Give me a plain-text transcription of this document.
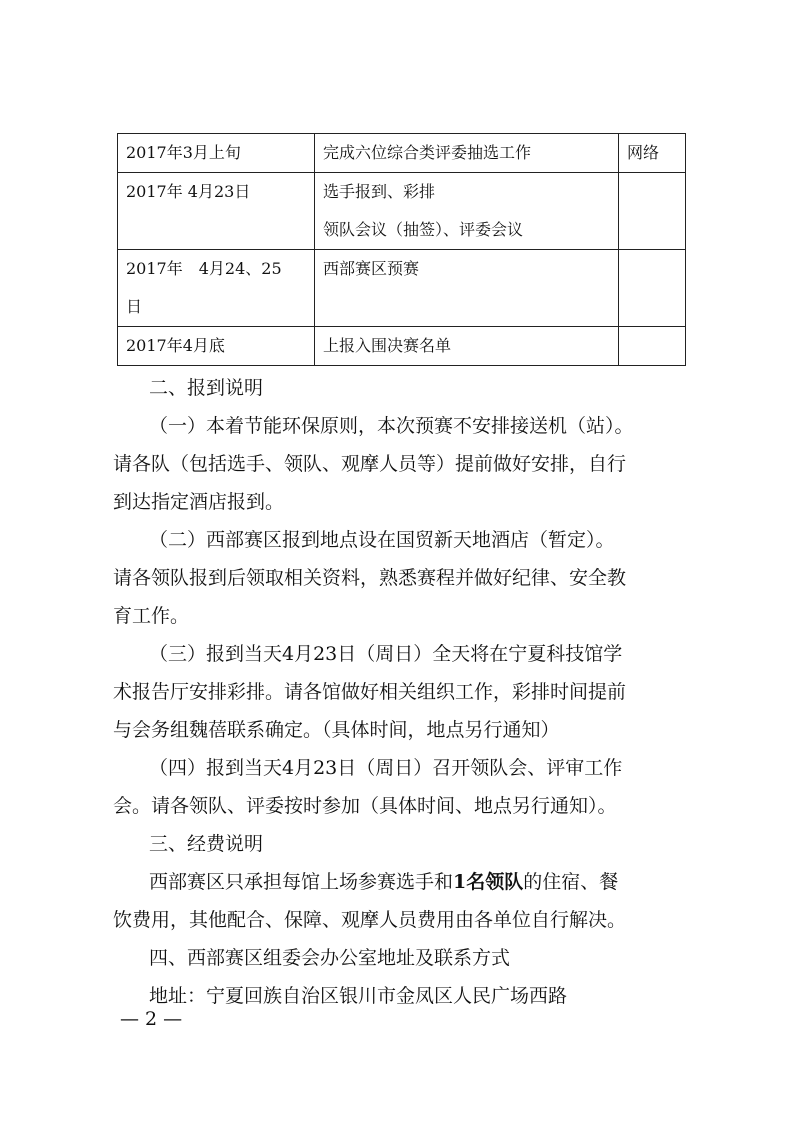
2017年3月上旬	完成六位综合类评委抽选工作	网络

2017年 4月23日	选手报到、彩排
领队会议（抽签）、评委会议	

2017年　4月24、25
日	西部赛区预赛	

2017年4月底	上报入围决赛名单	

二、报到说明
（一）本着节能环保原则，本次预赛不安排接送机（站）。
请各队（包括选手、领队、观摩人员等）提前做好安排，自行
到达指定酒店报到。
（二）西部赛区报到地点设在国贸新天地酒店（暂定）。
请各领队报到后领取相关资料，熟悉赛程并做好纪律、安全教
育工作。
（三）报到当天4月23日（周日）全天将在宁夏科技馆学
术报告厅安排彩排。请各馆做好相关组织工作，彩排时间提前
与会务组魏蓓联系确定。（具体时间，地点另行通知）
（四）报到当天4月23日（周日）召开领队会、评审工作
会。请各领队、评委按时参加（具体时间、地点另行通知）。
三、经费说明
西部赛区只承担每馆上场参赛选手和1名领队的住宿、餐
饮费用，其他配合、保障、观摩人员费用由各单位自行解决。
四、西部赛区组委会办公室地址及联系方式
地址：宁夏回族自治区银川市金凤区人民广场西路
— 2 —
